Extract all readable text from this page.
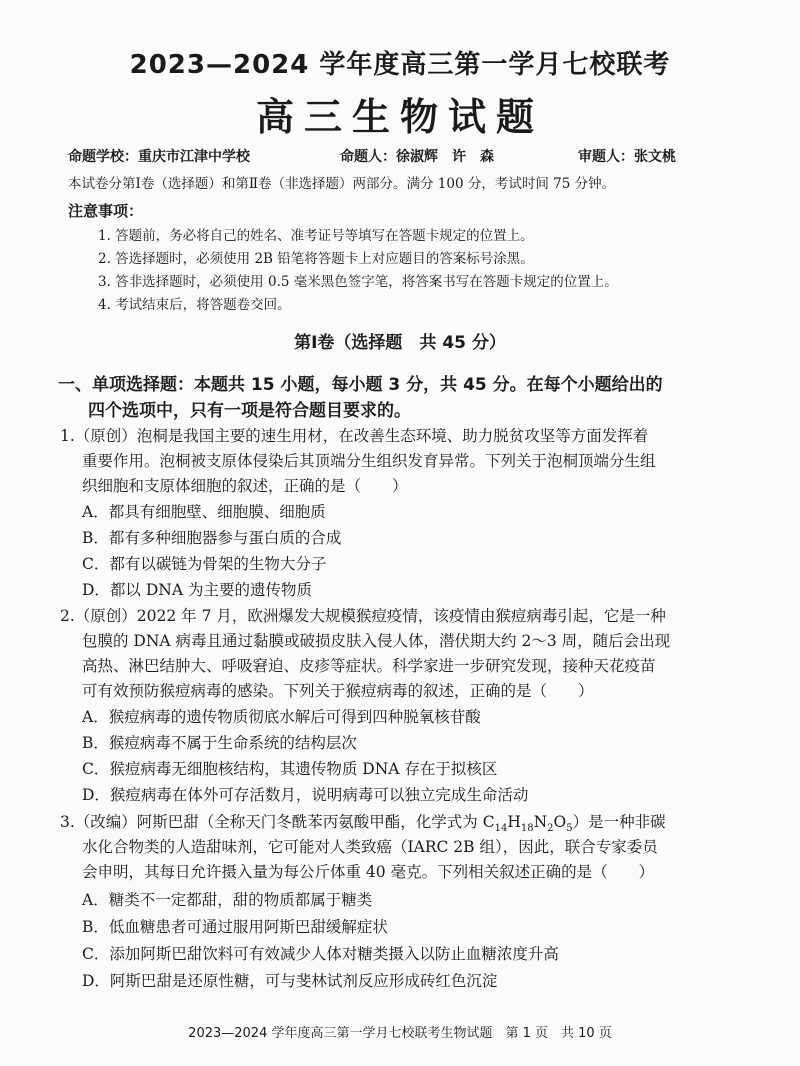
2023—2024 学年度高三第一学月七校联考
高三生物试题
命题学校：重庆市江津中学校	命题人：徐淑辉　许　森	审题人：张文桃
本试卷分第Ⅰ卷（选择题）和第Ⅱ卷（非选择题）两部分。满分 100 分，考试时间 75 分钟。
注意事项：
1. 答题前，务必将自己的姓名、准考证号等填写在答题卡规定的位置上。
2. 答选择题时，必须使用 2B 铅笔将答题卡上对应题目的答案标号涂黑。
3. 答非选择题时，必须使用 0.5 毫米黑色签字笔，将答案书写在答题卡规定的位置上。
4. 考试结束后，将答题卷交回。
第Ⅰ卷（选择题　共 45 分）
一、单项选择题：本题共 15 小题，每小题 3 分，共 45 分。在每个小题给出的
四个选项中，只有一项是符合题目要求的。
1.（原创）泡桐是我国主要的速生用材，在改善生态环境、助力脱贫攻坚等方面发挥着
重要作用。泡桐被支原体侵染后其顶端分生组织发育异常。下列关于泡桐顶端分生组
织细胞和支原体细胞的叙述，正确的是（　　）
A．都具有细胞壁、细胞膜、细胞质
B．都有多种细胞器参与蛋白质的合成
C．都有以碳链为骨架的生物大分子
D．都以 DNA 为主要的遗传物质
2.（原创）2022 年 7 月，欧洲爆发大规模猴痘疫情，该疫情由猴痘病毒引起，它是一种
包膜的 DNA 病毒且通过黏膜或破损皮肤入侵人体，潜伏期大约 2～3 周，随后会出现
高热、淋巴结肿大、呼吸窘迫、皮疹等症状。科学家进一步研究发现，接种天花疫苗
可有效预防猴痘病毒的感染。下列关于猴痘病毒的叙述，正确的是（　　）
A．猴痘病毒的遗传物质彻底水解后可得到四种脱氧核苷酸
B．猴痘病毒不属于生命系统的结构层次
C．猴痘病毒无细胞核结构，其遗传物质 DNA 存在于拟核区
D．猴痘病毒在体外可存活数月，说明病毒可以独立完成生命活动
3.（改编）阿斯巴甜（全称天门冬酰苯丙氨酸甲酯，化学式为 $C_{14}H_{18}N_2O_5$）是一种非碳
水化合物类的人造甜味剂，它可能对人类致癌（IARC 2B 组），因此，联合专家委员
会申明，其每日允许摄入量为每公斤体重 40 毫克。下列相关叙述正确的是（　　）
A．糖类不一定都甜，甜的物质都属于糖类
B．低血糖患者可通过服用阿斯巴甜缓解症状
C．添加阿斯巴甜饮料可有效减少人体对糖类摄入以防止血糖浓度升高
D．阿斯巴甜是还原性糖，可与斐林试剂反应形成砖红色沉淀
2023—2024 学年度高三第一学月七校联考生物试题　第 1 页　共 10 页
